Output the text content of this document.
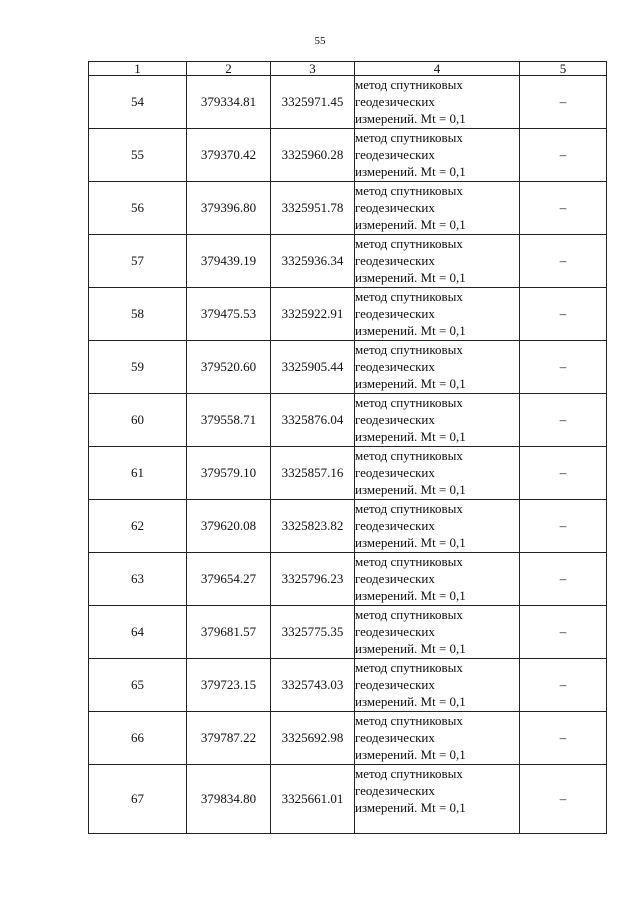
55
1	2	3	4	5
54	379334.81	3325971.45	метод спутниковых
геодезических
измерений. Mt = 0,1	–
55	379370.42	3325960.28	метод спутниковых
геодезических
измерений. Mt = 0,1	–
56	379396.80	3325951.78	метод спутниковых
геодезических
измерений. Mt = 0,1	–
57	379439.19	3325936.34	метод спутниковых
геодезических
измерений. Mt = 0,1	–
58	379475.53	3325922.91	метод спутниковых
геодезических
измерений. Mt = 0,1	–
59	379520.60	3325905.44	метод спутниковых
геодезических
измерений. Mt = 0,1	–
60	379558.71	3325876.04	метод спутниковых
геодезических
измерений. Mt = 0,1	–
61	379579.10	3325857.16	метод спутниковых
геодезических
измерений. Mt = 0,1	–
62	379620.08	3325823.82	метод спутниковых
геодезических
измерений. Mt = 0,1	–
63	379654.27	3325796.23	метод спутниковых
геодезических
измерений. Mt = 0,1	–
64	379681.57	3325775.35	метод спутниковых
геодезических
измерений. Mt = 0,1	–
65	379723.15	3325743.03	метод спутниковых
геодезических
измерений. Mt = 0,1	–
66	379787.22	3325692.98	метод спутниковых
геодезических
измерений. Mt = 0,1	–
67	379834.80	3325661.01	метод спутниковых
геодезических
измерений. Mt = 0,1	–
